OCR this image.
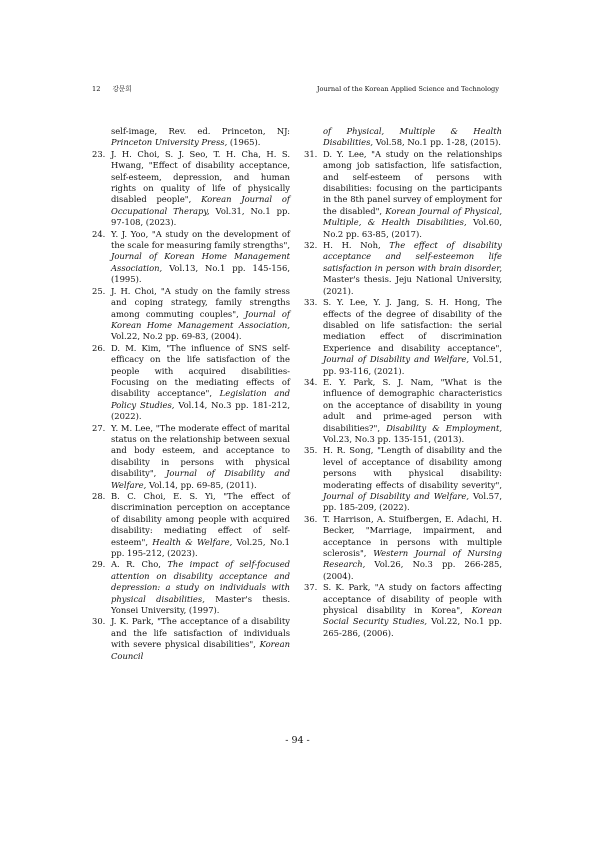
12 강문희	Journal of the Korean Applied Science and Technology
self-image, Rev. ed. Princeton, NJ: Princeton University Press, (1965).
23. J. H. Choi, S. J. Seo, T. H. Cha, H. S. Hwang, "Effect of disability acceptance, self-esteem, depression, and human rights on quality of life of physically disabled people", Korean Journal of Occupational Therapy, Vol.31, No.1 pp. 97-108, (2023).
24. Y. J. Yoo, "A study on the development of the scale for measuring family strengths", Journal of Korean Home Management Association, Vol.13, No.1 pp. 145-156, (1995).
25. J. H. Choi, "A study on the family stress and coping strategy, family strengths among commuting couples", Journal of Korean Home Management Association, Vol.22, No.2 pp. 69-83, (2004).
26. D. M. Kim, "The influence of SNS self-efficacy on the life satisfaction of the people with acquired disabilities-Focusing on the mediating effects of disability acceptance", Legislation and Policy Studies, Vol.14, No.3 pp. 181-212, (2022).
27. Y. M. Lee, "The moderate effect of marital status on the relationship between sexual and body esteem, and acceptance to disability in persons with physical disability", Journal of Disability and Welfare, Vol.14, pp. 69-85, (2011).
28. B. C. Choi, E. S. Yi, "The effect of discrimination perception on acceptance of disability among people with acquired disability: mediating effect of self-esteem", Health & Welfare, Vol.25, No.1 pp. 195-212, (2023).
29. A. R. Cho, The impact of self-focused attention on disability acceptance and depression: a study on individuals with physical disabilities, Master's thesis. Yonsei University, (1997).
30. J. K. Park, "The acceptance of a disability and the life satisfaction of individuals with severe physical disabilities", Korean Council
of Physical, Multiple & Health Disabilities, Vol.58, No.1 pp. 1-28, (2015).
31. D. Y. Lee, "A study on the relationships among job satisfaction, life satisfaction, and self-esteem of persons with disabilities: focusing on the participants in the 8th panel survey of employment for the disabled", Korean Journal of Physical, Multiple, & Health Disabilities, Vol.60, No.2 pp. 63-85, (2017).
32. H. H. Noh, The effect of disability acceptance and self-esteemon life satisfaction in person with brain disorder, Master's thesis. Jeju National University, (2021).
33. S. Y. Lee, Y. J. Jang, S. H. Hong, The effects of the degree of disability of the disabled on life satisfaction: the serial mediation effect of discrimination Experience and disability acceptance", Journal of Disability and Welfare, Vol.51, pp. 93-116, (2021).
34. E. Y. Park, S. J. Nam, "What is the influence of demographic characteristics on the acceptance of disability in young adult and prime-aged person with disabilities?", Disability & Employment, Vol.23, No.3 pp. 135-151, (2013).
35. H. R. Song, "Length of disability and the level of acceptance of disability among persons with physical disability: moderating effects of disability severity", Journal of Disability and Welfare, Vol.57, pp. 185-209, (2022).
36. T. Harrison, A. Stuifbergen, E. Adachi, H. Becker, "Marriage, impairment, and acceptance in persons with multiple sclerosis", Western Journal of Nursing Research, Vol.26, No.3 pp. 266-285, (2004).
37. S. K. Park, "A study on factors affecting acceptance of disability of people with physical disability in Korea", Korean Social Security Studies, Vol.22, No.1 pp. 265-286, (2006).
- 94 -
